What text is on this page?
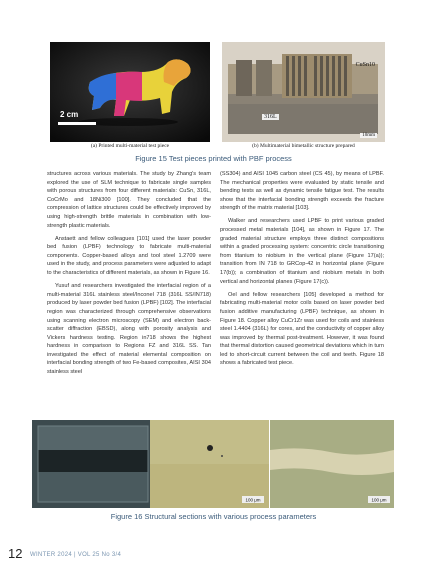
2 cm
CuSn10
316L
10mm
(a) Printed multi-material test piece	(b) Multimaterial bimetallic structure prepared
Figure 15 Test pieces printed with PBF process

structures across various materials. The study by Zhang's team explored the use of SLM technique to fabricate single samples with porous structures from four different materials: CuSn, 316L, CoCrMo and 18Ni300 [100]. They concluded that the compression of lattice structures could be effectively improved by using high-strength brittle materials in combination with low-strength plastic materials.

Anstaett and fellow colleagues [101] used the laser powder bed fusion (LPBF) technology to fabricate multi-material components. Copper-based alloys and tool steel 1.2709 were used in the study, and process parameters were adjusted to adapt to the characteristics of different materials, as shown in Figure 16.

Yusuf and researchers investigated the interfacial region of a multi-material 316L stainless steel/Inconel 718 (316L SS/IN718) produced by laser powder bed fusion (LPBF) [102]. The interfacial region was characterized through comprehensive observations using scanning electron microscopy (SEM) and electron back-scatter diffraction (EBSD), along with porosity analysis and Vickers hardness testing. Region in718 shows the highest hardness in comparison to Regions FZ and 316L SS. Tan investigated the effect of material elemental composition on interfacial bonding strength of two Fe-based composites, AISI 304 stainless steel

(SS304) and AISI 1045 carbon steel (CS 45), by means of LPBF. The mechanical properties were evaluated by static tensile and bending tests as well as dynamic tensile fatigue test. The results show that the interfacial bonding strength exceeds the fracture strength of the matrix material [103].

Walker and researchers used LPBF to print various graded processed metal materials [104], as shown in Figure 17. The graded material structure employs three distinct compositions within a graded processing system: concentric circle transitioning from titanium to niobium in the vertical plane (Figure 17(a)); transition from IN 718 to GRCop-42 in horizontal plane (Figure 17(b)); a combination of titanium and niobium metals in both vertical and horizontal planes (Figure 17(c)).

Oel and fellow researchers [105] developed a method for fabricating multi-material motor coils based on laser powder bed fusion additive manufacturing (LPBF) technique, as shown in Figure 18. Copper alloy CuCr1Zr was used for coils and stainless steel 1.4404 (316L) for cores, and the conductivity of copper alloy was improved by thermal post-treatment. However, it was found that thermal distortion caused geometrical deviations which in turn led to short-circuit current between the coil and teeth. Figure 18 shows a fabricated test piece.

100 μm	100 μm
Figure 16 Structural sections with various process parameters
12 WINTER 2024 | VOL 25 No 3/4
